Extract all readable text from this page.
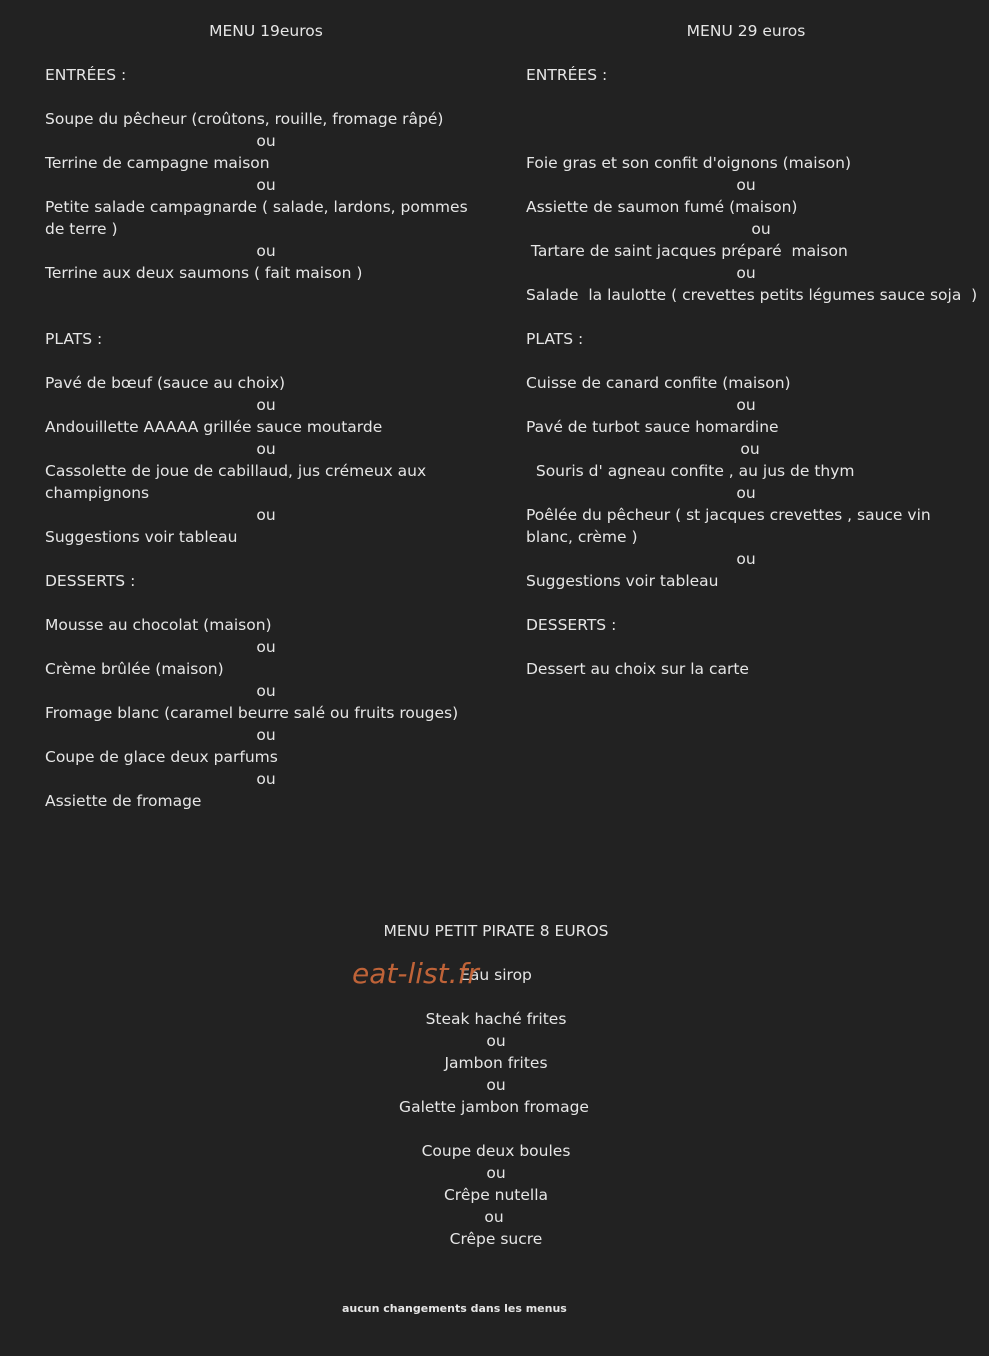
MENU 19euros
ENTRÉES :
Soupe du pêcheur (croûtons, rouille, fromage râpé)
ou
Terrine de campagne maison
ou
Petite salade campagnarde ( salade, lardons, pommes de terre )
ou
Terrine aux deux saumons ( fait maison )
PLATS :
Pavé de bœuf (sauce au choix)
ou
Andouillette AAAAA grillée sauce moutarde
ou
Cassolette de joue de cabillaud, jus crémeux aux champignons
ou
Suggestions voir tableau
DESSERTS :
Mousse au chocolat (maison)
ou
Crème brûlée (maison)
ou
Fromage blanc (caramel beurre salé ou fruits rouges)
ou
Coupe de glace deux parfums
ou
Assiette de fromage
MENU 29 euros
ENTRÉES :
Foie gras et son confit d'oignons (maison)
ou
Assiette de saumon fumé (maison)
ou
Tartare de saint jacques préparé  maison
ou
Salade  la laulotte ( crevettes petits légumes sauce soja  )
PLATS :
Cuisse de canard confite (maison)
ou
Pavé de turbot sauce homardine
ou
Souris d' agneau confite , au jus de thym
ou
Poêlée du pêcheur ( st jacques crevettes , sauce vin blanc, crème )
ou
Suggestions voir tableau
DESSERTS :
Dessert au choix sur la carte
MENU PETIT PIRATE 8 EUROS
Eau sirop
Steak haché frites
ou
Jambon frites
ou
Galette jambon fromage
Coupe deux boules
ou
Crêpe nutella
ou
Crêpe sucre
eat-list.fr
aucun changements dans les menus
